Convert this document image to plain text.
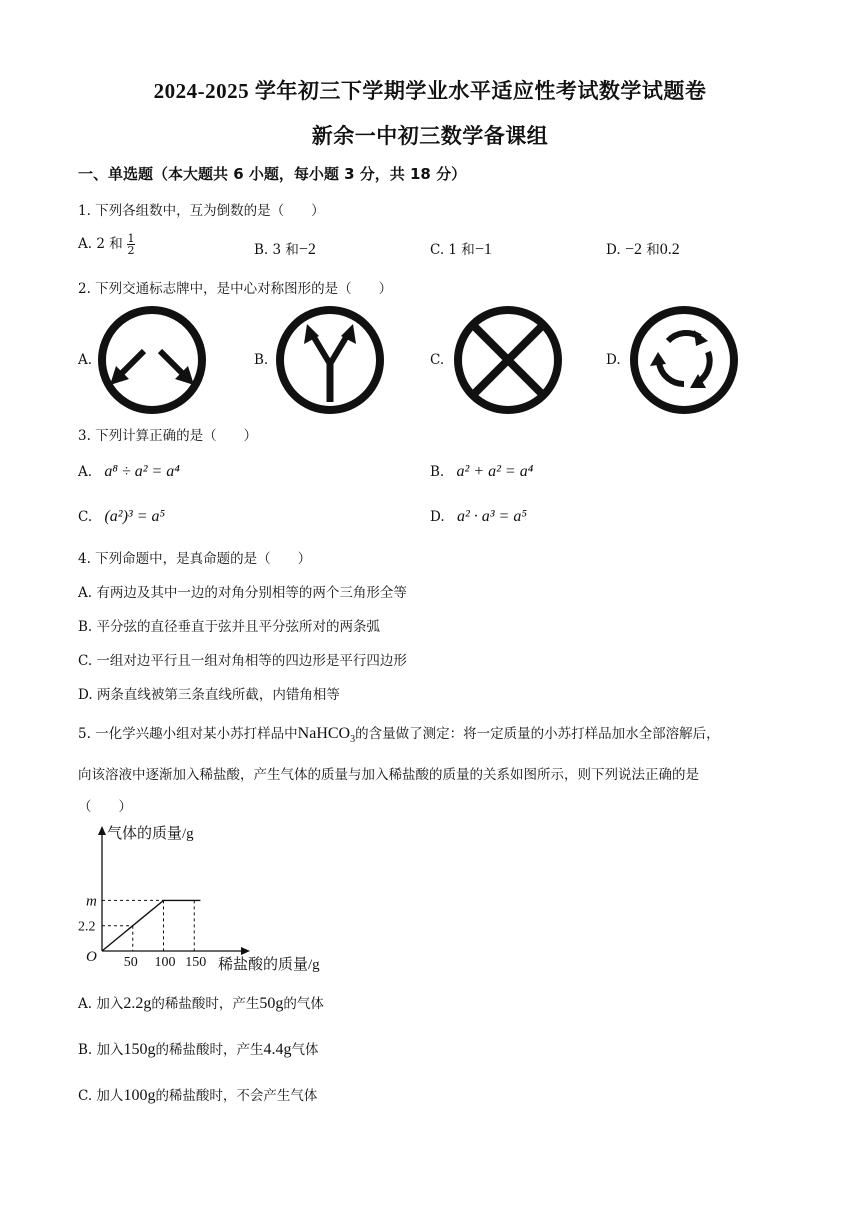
2024-2025 学年初三下学期学业水平适应性考试数学试题卷
新余一中初三数学备课组
一、单选题（本大题共 6 小题，每小题 3 分，共 18 分）
1. 下列各组数中，互为倒数的是（　　）
A. 2 和 $\frac{1}{2}$	B. 3 和−2	C. 1 和−1	D. −2 和0.2
2. 下列交通标志牌中，是中心对称图形的是（　　）
A.	B.	C.	D.
3. 下列计算正确的是（　　）
A. a⁸ ÷ a² = a⁴	B. a² + a² = a⁴
C. (a²)³ = a⁵	D. a² · a³ = a⁵
4. 下列命题中，是真命题的是（　　）
A. 有两边及其中一边的对角分别相等的两个三角形全等
B. 平分弦的直径垂直于弦并且平分弦所对的两条弧
C. 一组对边平行且一组对角相等的四边形是平行四边形
D. 两条直线被第三条直线所截，内错角相等
5. 一化学兴趣小组对某小苏打样品中NaHCO$_3$的含量做了测定：将一定质量的小苏打样品加水全部溶解后，
向该溶液中逐渐加入稀盐酸，产生气体的质量与加入稀盐酸的质量的关系如图所示，则下列说法正确的是
（　　）
气体的质量/g
稀盐酸的质量/g
O 50 100 150
2.2
m
A. 加入2.2g的稀盐酸时，产生50g的气体
B. 加入150g的稀盐酸时，产生4.4g气体
C. 加人100g的稀盐酸时，不会产生气体
